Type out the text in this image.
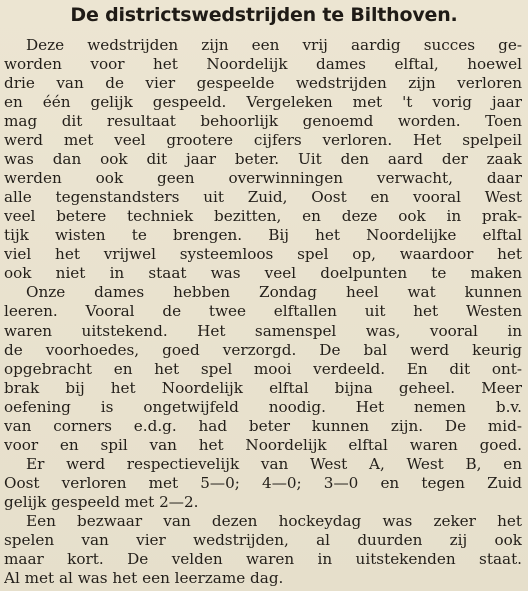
De districtswedstrijden te Bilthoven.
Deze wedstrijden zijn een vrij aardig succes ge-
worden voor het Noordelijk dames elftal, hoewel
drie van de vier gespeelde wedstrijden zijn verloren
en één gelijk gespeeld. Vergeleken met 't vorig jaar
mag dit resultaat behoorlijk genoemd worden. Toen
werd met veel grootere cijfers verloren. Het spelpeil
was dan ook dit jaar beter. Uit den aard der zaak
werden ook geen overwinningen verwacht, daar
alle tegenstandsters uit Zuid, Oost en vooral West
veel betere techniek bezitten, en deze ook in prak-
tijk wisten te brengen. Bij het Noordelijke elftal
viel het vrijwel systeemloos spel op, waardoor het
ook niet in staat was veel doelpunten te maken
Onze dames hebben Zondag heel wat kunnen
leeren. Vooral de twee elftallen uit het Westen
waren uitstekend. Het samenspel was, vooral in
de voorhoedes, goed verzorgd. De bal werd keurig
opgebracht en het spel mooi verdeeld. En dit ont-
brak bij het Noordelijk elftal bijna geheel. Meer
oefening is ongetwijfeld noodig. Het nemen b.v.
van corners e.d.g. had beter kunnen zijn. De mid-
voor en spil van het Noordelijk elftal waren goed.
Er werd respectievelijk van West A, West B, en
Oost verloren met 5—0; 4—0; 3—0 en tegen Zuid
gelijk gespeeld met 2—2.
Een bezwaar van dezen hockeydag was zeker het
spelen van vier wedstrijden, al duurden zij ook
maar kort. De velden waren in uitstekenden staat.
Al met al was het een leerzame dag.
